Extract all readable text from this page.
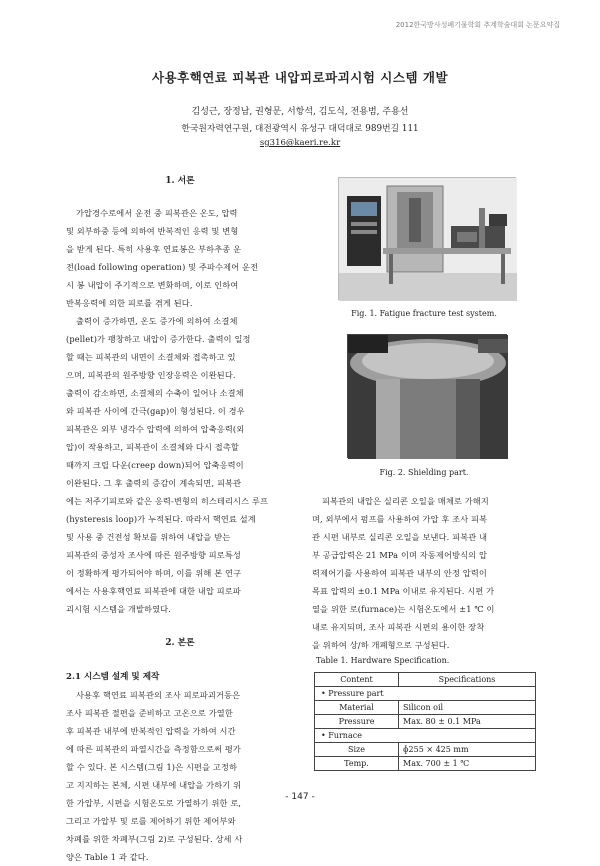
2012한국방사성폐기물학회 추계학술대회 논문요약집
사용후핵연료 피복관 내압피로파괴시험 시스템 개발
김성근, 장정남, 권형문, 서항석, 김도식, 전용범, 주용선
한국원자력연구원, 대전광역시 유성구 대덕대로 989번길 111
sg316@kaeri.re.kr
1. 서론
가압경수로에서 운전 중 피복관은 온도, 압력
및 외부하중 등에 의하여 반복적인 응력 및 변형
을 받게 된다. 특히 사용후 연료봉은 부하추종 운
전(load following operation) 및 주파수제어 운전
시 봉 내압이 주기적으로 변화하며, 이로 인하여
반복응력에 의한 피로를 겪게 된다.
출력이 증가하면, 온도 증가에 의하여 소결체
(pellet)가 팽창하고 내압이 증가한다. 출력이 일정
할 때는 피복관의 내면이 소결체와 접촉하고 있
으며, 피복관의 원주방향 인장응력은 이완된다.
출력이 감소하면, 소결체의 수축이 일어나 소결체
와 피복관 사이에 간극(gap)이 형성된다. 이 경우
피복관은 외부 냉각수 압력에 의하여 압축응력(외
압)이 작용하고, 피복관이 소결체와 다시 접촉할
때까지 크립 다운(creep down)되어 압축응력이
이완된다. 그 후 출력의 증감이 계속되면, 피복관
에는 저주기피로와 같은 응력-변형의 히스테리시스 루프
(hysteresis loop)가 누적된다. 따라서 핵연료 설계
및 사용 중 건전성 확보를 위하여 내압을 받는
피복관의 중성자 조사에 따른 원주방향 피로특성
이 정확하게 평가되어야 하며, 이를 위해 본 연구
에서는 사용후핵연료 피복관에 대한 내압 피로파
괴시험 시스템을 개발하였다.
2. 본론
2.1 시스템 설계 및 제작
사용후 핵연료 피복관의 조사 피로파괴거동은
조사 피복관 절편을 준비하고 고온으로 가열한
후 피복관 내부에 반복적인 압력을 가하여 시간
에 따른 피복관의 파열시간을 측정함으로써 평가
할 수 있다. 본 시스템(그림 1)은 시편을 고정하
고 지지하는 본체, 시편 내부에 내압을 가하기 위
한 가압부, 시편을 시험온도로 가열하기 위한 로,
그리고 가압부 및 로를 제어하기 위한 제어부와
차폐를 위한 차폐부(그림 2)로 구성된다. 상세 사
양은 Table 1 과 같다.
Fig. 1. Fatigue fracture test system.
Fig. 2. Shielding part.
피복관의 내압은 실리콘 오일을 매체로 가해지
며, 외부에서 펌프를 사용하여 가압 후 조사 피복
관 시편 내부로 실리콘 오일을 보낸다. 피복관 내
부 공급압력은 21 MPa 이며 자동제어방식의 압
력제어기를 사용하여 피복관 내부의 안정 압력이
목표 압력의 ±0.1 MPa 이내로 유지된다. 시편 가
열을 위한 로(furnace)는 시험온도에서 ±1 ℃ 이
내로 유지되며, 조사 피복관 시편의 용이한 장착
을 위하여 상/하 개폐형으로 구성된다.
Table 1. Hardware Specification.
Content	Specifications
• Pressure part	
Material	Silicon oil
Pressure	Max. 80 ± 0.1 MPa
• Furnace	
Size	ɸ255 × 425 mm
Temp.	Max. 700 ± 1 ℃
- 147 -
